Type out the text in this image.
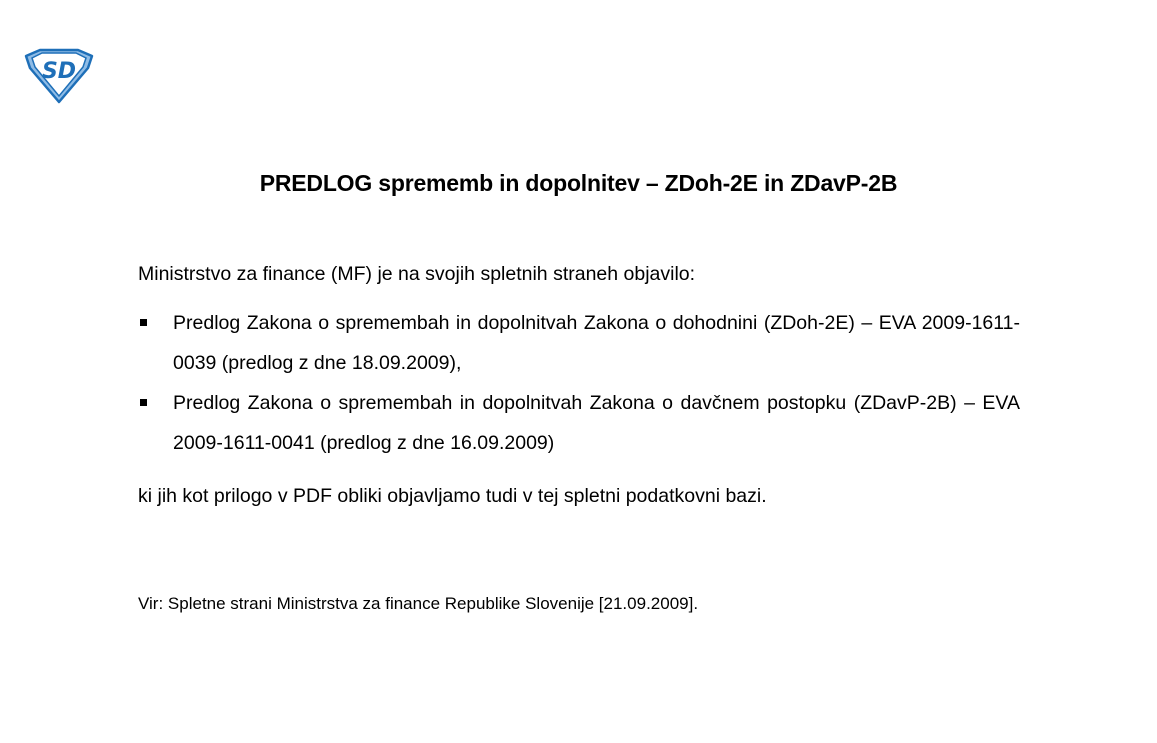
SD
PREDLOG sprememb in dopolnitev – ZDoh-2E in ZDavP-2B
Ministrstvo za finance (MF) je na svojih spletnih straneh objavilo:
Predlog Zakona o spremembah in dopolnitvah Zakona o dohodnini (ZDoh-2E) – EVA 2009-1611-0039 (predlog z dne 18.09.2009),
Predlog Zakona o spremembah in dopolnitvah Zakona o davčnem postopku (ZDavP-2B) – EVA 2009-1611-0041 (predlog z dne 16.09.2009)
ki jih kot prilogo v PDF obliki objavljamo tudi v tej spletni podatkovni bazi.
Vir: Spletne strani Ministrstva za finance Republike Slovenije [21.09.2009].
